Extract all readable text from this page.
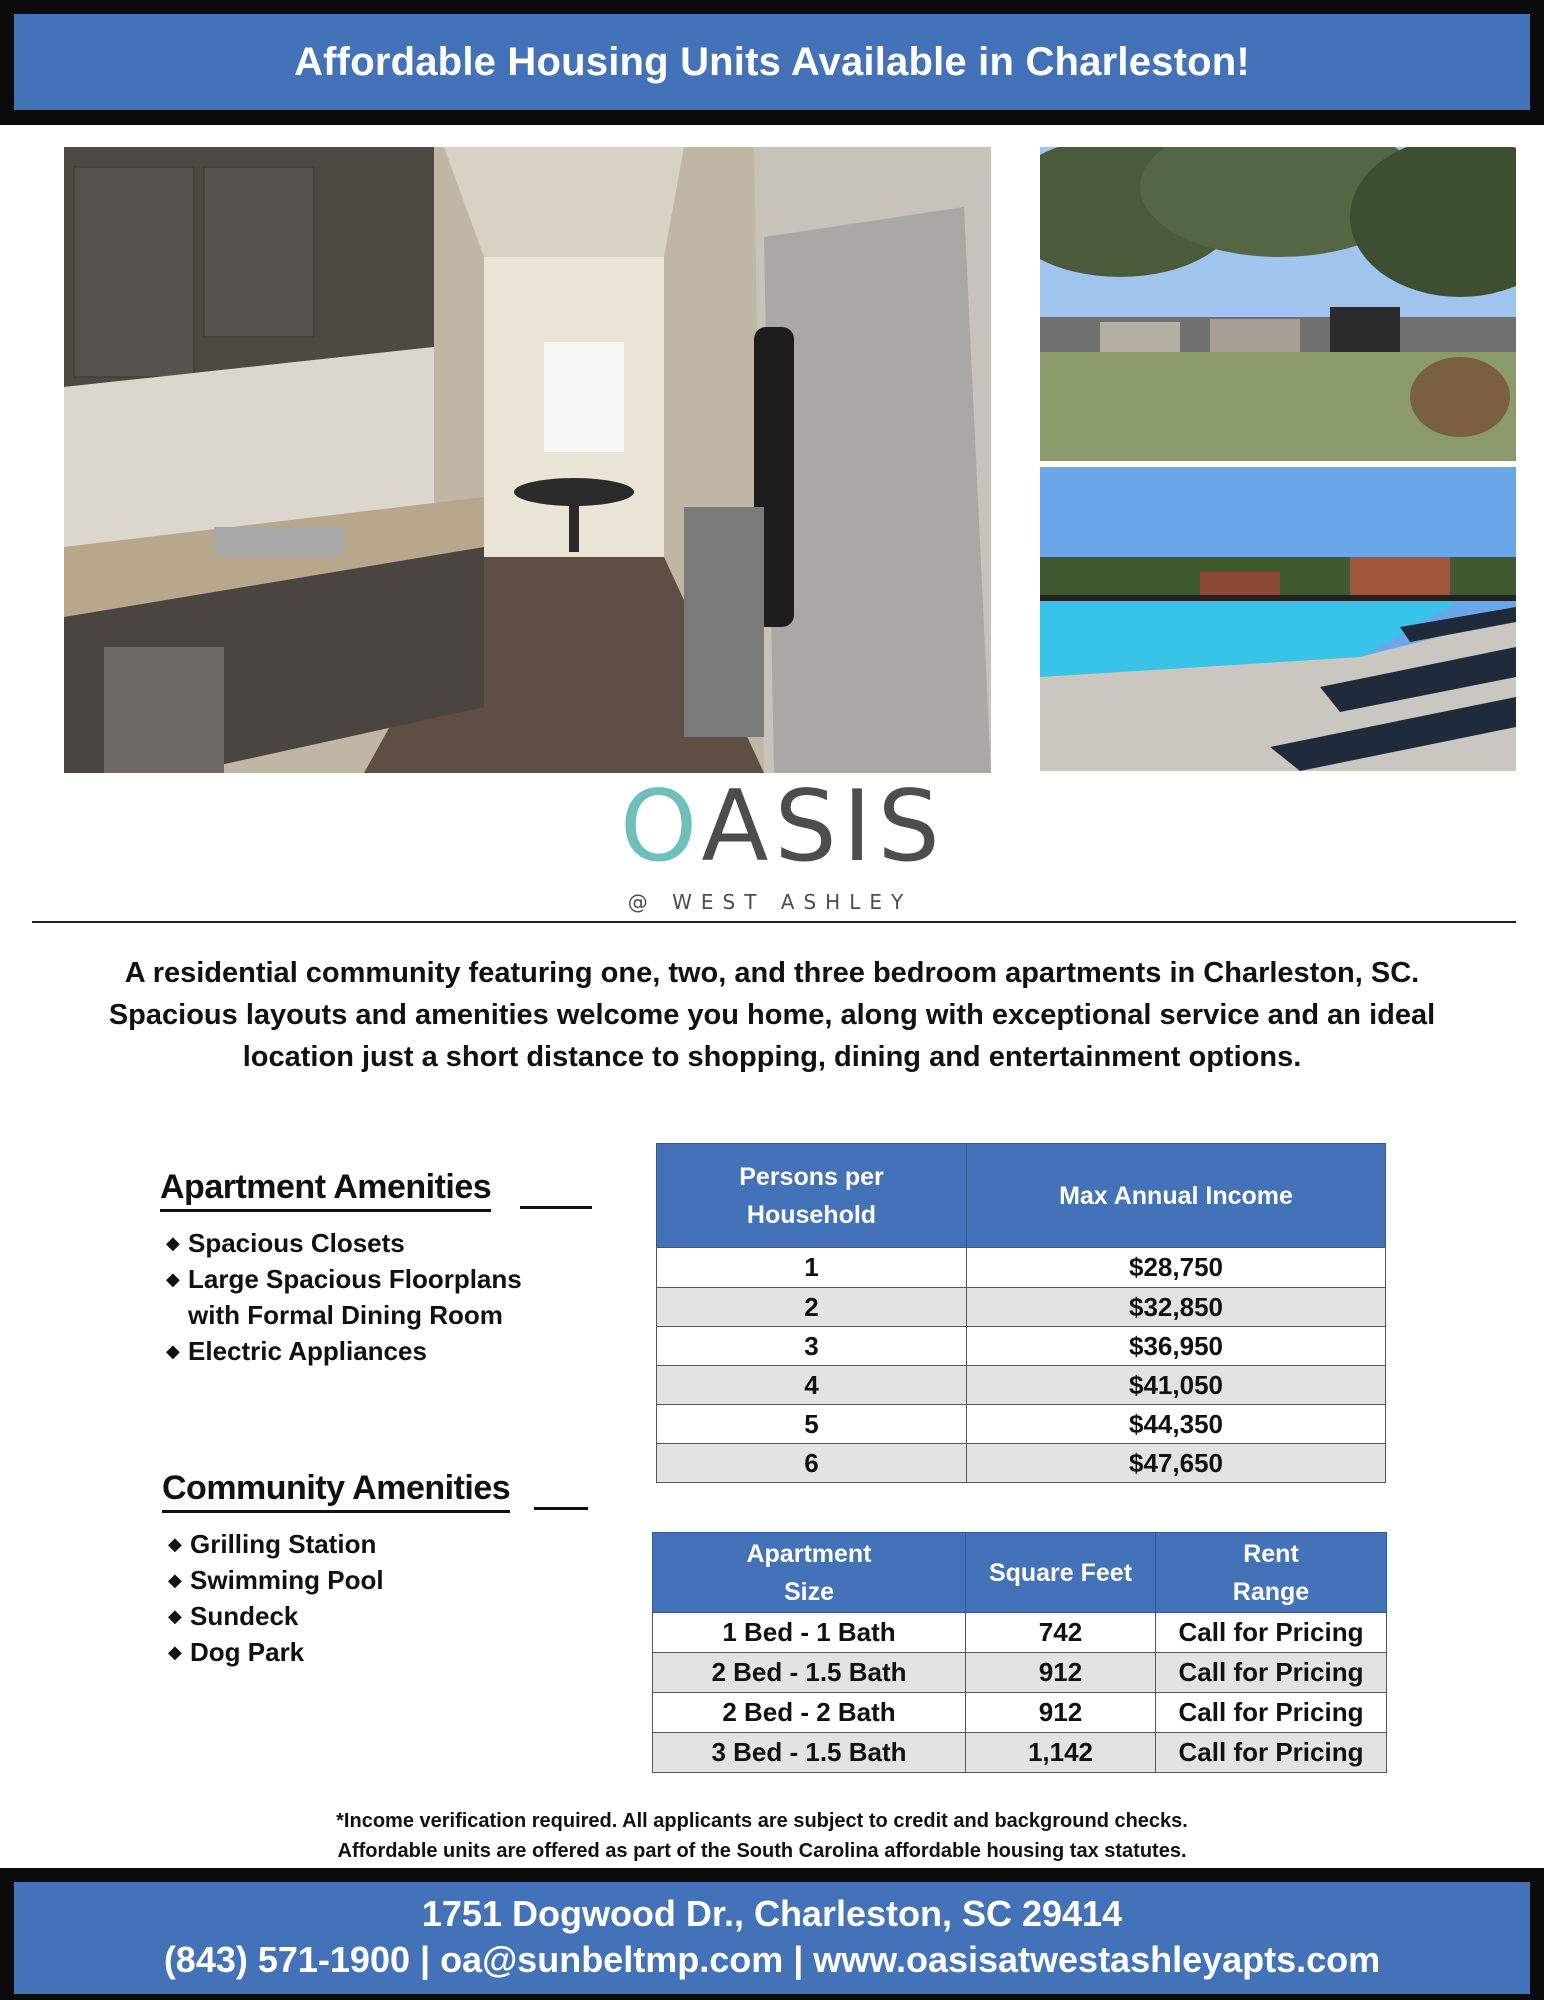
Affordable Housing Units Available in Charleston!
OASIS
@ WEST ASHLEY
A residential community featuring one, two, and three bedroom apartments in Charleston, SC.
Spacious layouts and amenities welcome you home, along with exceptional service and an ideal
location just a short distance to shopping, dining and entertainment options.
Apartment Amenities
◆ Spacious Closets
◆ Large Spacious Floorplans
with Formal Dining Room
◆ Electric Appliances
Community Amenities
◆ Grilling Station
◆ Swimming Pool
◆ Sundeck
◆ Dog Park
Persons per
Household	Max Annual Income
1	$28,750
2	$32,850
3	$36,950
4	$41,050
5	$44,350
6	$47,650
Apartment
Size	Square Feet	Rent
Range
1 Bed - 1 Bath	742	Call for Pricing
2 Bed - 1.5 Bath	912	Call for Pricing
2 Bed - 2 Bath	912	Call for Pricing
3 Bed - 1.5 Bath	1,142	Call for Pricing
*Income verification required. All applicants are subject to credit and background checks.
Affordable units are offered as part of the South Carolina affordable housing tax statutes.
1751 Dogwood Dr., Charleston, SC 29414
(843) 571-1900 | oa@sunbeltmp.com | www.oasisatwestashleyapts.com
